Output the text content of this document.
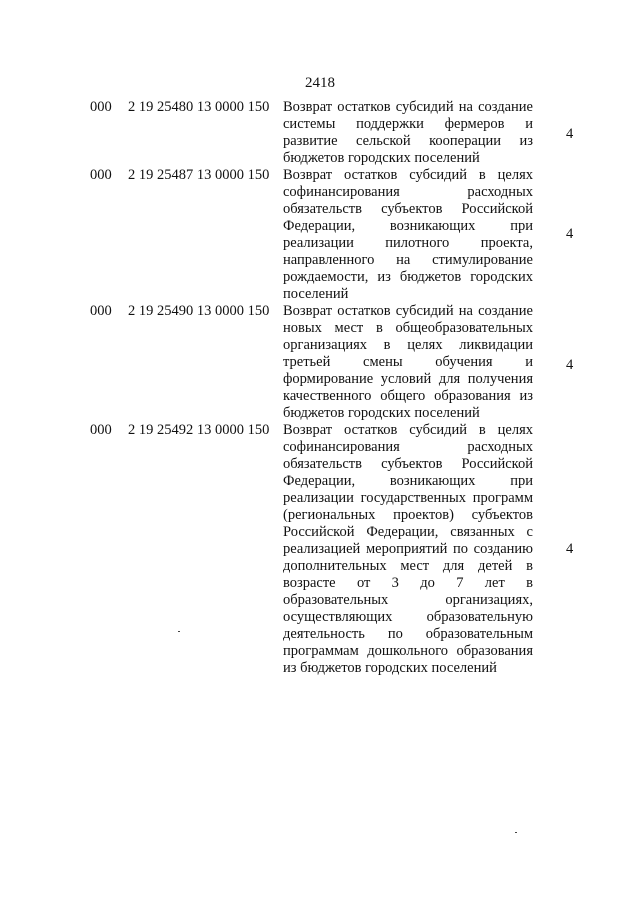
2418
000 2 19 25480 13 0000 150 Возврат остатков субсидий на создание системы поддержки фермеров и развитие сельской кооперации из бюджетов городских поселений
4
000 2 19 25487 13 0000 150 Возврат остатков субсидий в целях софинансирования расходных обязательств субъектов Российской Федерации, возникающих при реализации пилотного проекта, направленного на стимулирование рождаемости, из бюджетов городских поселений
4
000 2 19 25490 13 0000 150 Возврат остатков субсидий на создание новых мест в общеобразовательных организациях в целях ликвидации третьей смены обучения и формирование условий для получения качественного общего образования из бюджетов городских поселений
4
000 2 19 25492 13 0000 150 Возврат остатков субсидий в целях софинансирования расходных обязательств субъектов Российской Федерации, возникающих при реализации государственных программ (региональных проектов) субъектов Российской Федерации, связанных с реализацией мероприятий по созданию дополнительных мест для детей в возрасте от 3 до 7 лет в образовательных организациях, осуществляющих образовательную деятельность по образовательным программам дошкольного образования из бюджетов городских поселений
4
